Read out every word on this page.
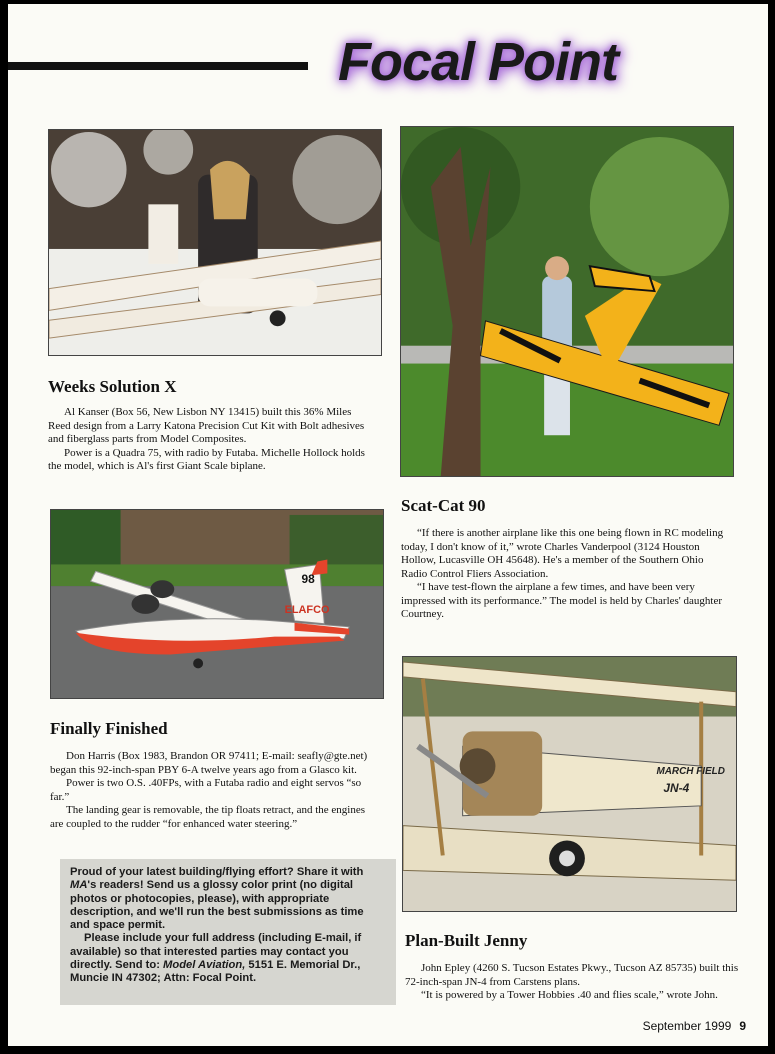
Focal Point
Weeks Solution X

Al Kanser (Box 56, New Lisbon NY 13415) built this 36% Miles Reed design from a Larry Katona Precision Cut Kit with Bolt adhesives and fiberglass parts from Model Composites.

Power is a Quadra 75, with radio by Futaba. Michelle Hollock holds the model, which is Al's first Giant Scale biplane.

98
ELAFCO
Scat-Cat 90

“If there is another airplane like this one being flown in RC modeling today, I don't know of it,” wrote Charles Vanderpool (3124 Houston Hollow, Lucasville OH 45648). He's a member of the Southern Ohio Radio Control Fliers Association.

“I have test-flown the airplane a few times, and have been very impressed with its performance.” The model is held by Charles' daughter Courtney.

MARCH FIELD
JN-4
Finally Finished

Don Harris (Box 1983, Brandon OR 97411; E-mail: seafly@gte.net) began this 92-inch-span PBY 6-A twelve years ago from a Glasco kit.

Power is two O.S. .40FPs, with a Futaba radio and eight servos “so far.”

The landing gear is removable, the tip floats retract, and the engines are coupled to the rudder “for enhanced water steering.”

Proud of your latest building/flying effort? Share it with MA's readers! Send us a glossy color print (no digital photos or photocopies, please), with appropriate description, and we'll run the best submissions as time and space permit.

Please include your full address (including E-mail, if available) so that interested parties may contact you directly. Send to: Model Aviation, 5151 E. Memorial Dr., Muncie IN 47302; Attn: Focal Point.

Plan-Built Jenny

John Epley (4260 S. Tucson Estates Pkwy., Tucson AZ 85735) built this 72-inch-span JN-4 from Carstens plans.

“It is powered by a Tower Hobbies .40 and flies scale,” wrote John.

September 1999 9
